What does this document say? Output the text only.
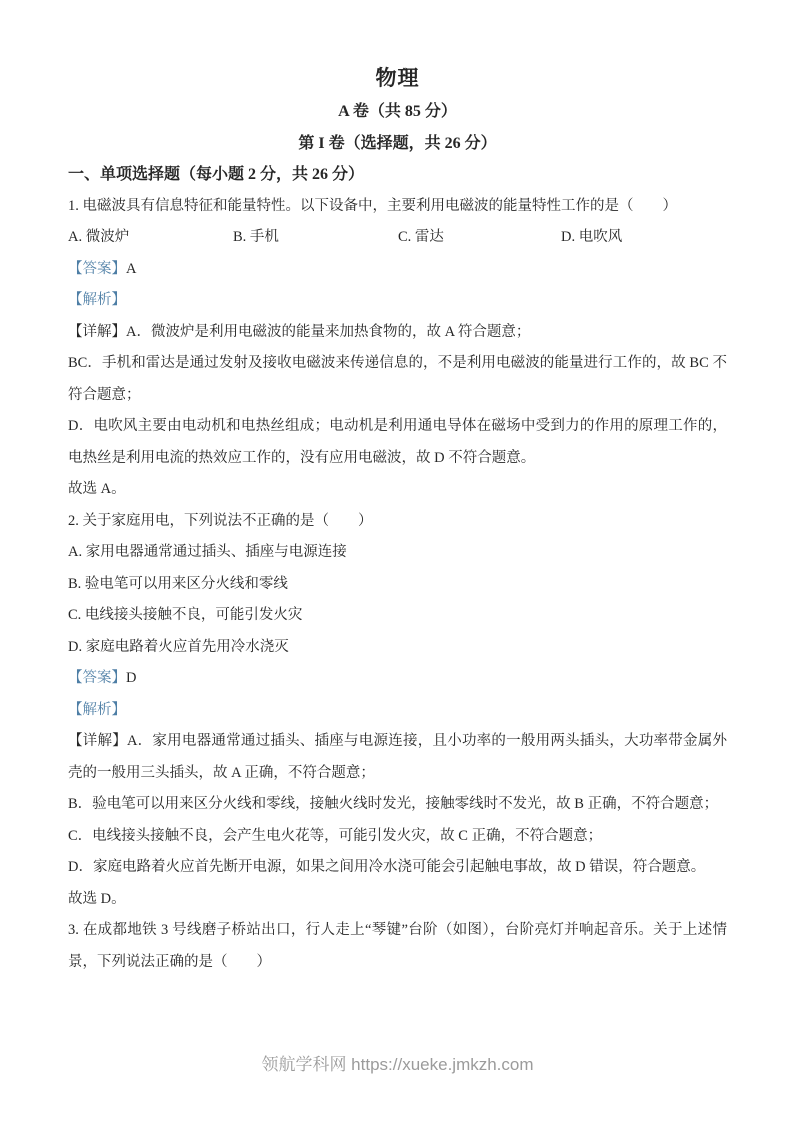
物理
A 卷（共 85 分）
第 I 卷（选择题，共 26 分）
一、单项选择题（每小题 2 分，共 26 分）

1. 电磁波具有信息特征和能量特性。以下设备中，主要利用电磁波的能量特性工作的是（　　）

A. 微波炉	B. 手机	C. 雷达	D. 电吹风

【答案】A

【解析】

【详解】A．微波炉是利用电磁波的能量来加热食物的，故 A 符合题意；

BC．手机和雷达是通过发射及接收电磁波来传递信息的，不是利用电磁波的能量进行工作的，故 BC 不符合题意；

D．电吹风主要由电动机和电热丝组成；电动机是利用通电导体在磁场中受到力的作用的原理工作的，电热丝是利用电流的热效应工作的，没有应用电磁波，故 D 不符合题意。

故选 A。

2. 关于家庭用电，下列说法不正确的是（　　）

A. 家用电器通常通过插头、插座与电源连接

B. 验电笔可以用来区分火线和零线

C. 电线接头接触不良，可能引发火灾

D. 家庭电路着火应首先用冷水浇灭

【答案】D

【解析】

【详解】A．家用电器通常通过插头、插座与电源连接，且小功率的一般用两头插头，大功率带金属外壳的一般用三头插头，故 A 正确，不符合题意；

B．验电笔可以用来区分火线和零线，接触火线时发光，接触零线时不发光，故 B 正确，不符合题意；

C．电线接头接触不良，会产生电火花等，可能引发火灾，故 C 正确，不符合题意；

D．家庭电路着火应首先断开电源，如果之间用冷水浇可能会引起触电事故，故 D 错误，符合题意。

故选 D。

3. 在成都地铁 3 号线磨子桥站出口，行人走上“琴键”台阶（如图），台阶亮灯并响起音乐。关于上述情景，下列说法正确的是（　　）

领航学科网 https://xueke.jmkzh.com
